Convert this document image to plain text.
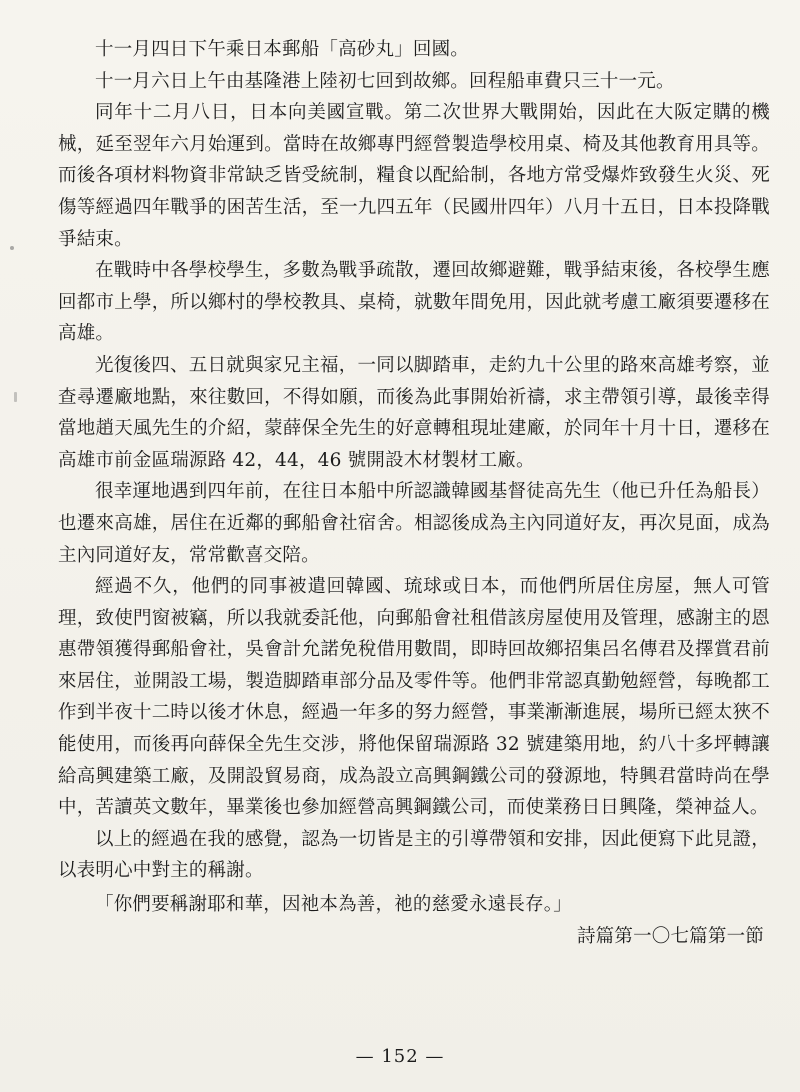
十一月四日下午乘日本郵船「高砂丸」回國。

十一月六日上午由基隆港上陸初七回到故鄉。回程船車費只三十一元。

同年十二月八日，日本向美國宣戰。第二次世界大戰開始，因此在大阪定購的機械，延至翌年六月始運到。當時在故鄉專門經營製造學校用桌、椅及其他教育用具等。而後各項材料物資非常缺乏皆受統制，糧食以配給制，各地方常受爆炸致發生火災、死傷等經過四年戰爭的困苦生活，至一九四五年（民國卅四年）八月十五日，日本投降戰爭結束。

在戰時中各學校學生，多數為戰爭疏散，遷回故鄉避難，戰爭結束後，各校學生應回都市上學，所以鄉村的學校教具、桌椅，就數年間免用，因此就考慮工廠須要遷移在高雄。

光復後四、五日就與家兄主福，一同以脚踏車，走約九十公里的路來高雄考察，並查尋遷廠地點，來往數回，不得如願，而後為此事開始祈禱，求主帶領引導，最後幸得當地趙天風先生的介紹，蒙薛保全先生的好意轉租現址建廠，於同年十月十日，遷移在高雄市前金區瑞源路 42，44，46 號開設木材製材工廠。

很幸運地遇到四年前，在往日本船中所認識韓國基督徒高先生（他已升任為船長）也遷來高雄，居住在近鄰的郵船會社宿舍。相認後成為主內同道好友，再次見面，成為主內同道好友，常常歡喜交陪。

經過不久，他們的同事被遣回韓國、琉球或日本，而他們所居住房屋，無人可管理，致使門窗被竊，所以我就委託他，向郵船會社租借該房屋使用及管理，感謝主的恩惠帶領獲得郵船會社，吳會計允諾免稅借用數間，即時回故鄉招集呂名傳君及擇賞君前來居住，並開設工場，製造脚踏車部分品及零件等。他們非常認真勤勉經營，每晚都工作到半夜十二時以後才休息，經過一年多的努力經營，事業漸漸進展，場所已經太狹不能使用，而後再向薛保全先生交涉，將他保留瑞源路 32 號建築用地，約八十多坪轉讓給高興建築工廠，及開設貿易商，成為設立高興鋼鐵公司的發源地，特興君當時尚在學中，苦讀英文數年，畢業後也參加經營高興鋼鐵公司，而使業務日日興隆，榮神益人。

以上的經過在我的感覺，認為一切皆是主的引導帶領和安排，因此便寫下此見證，以表明心中對主的稱謝。

「你們要稱謝耶和華，因祂本為善，祂的慈愛永遠長存。」

詩篇第一〇七篇第一節

— 152 —
